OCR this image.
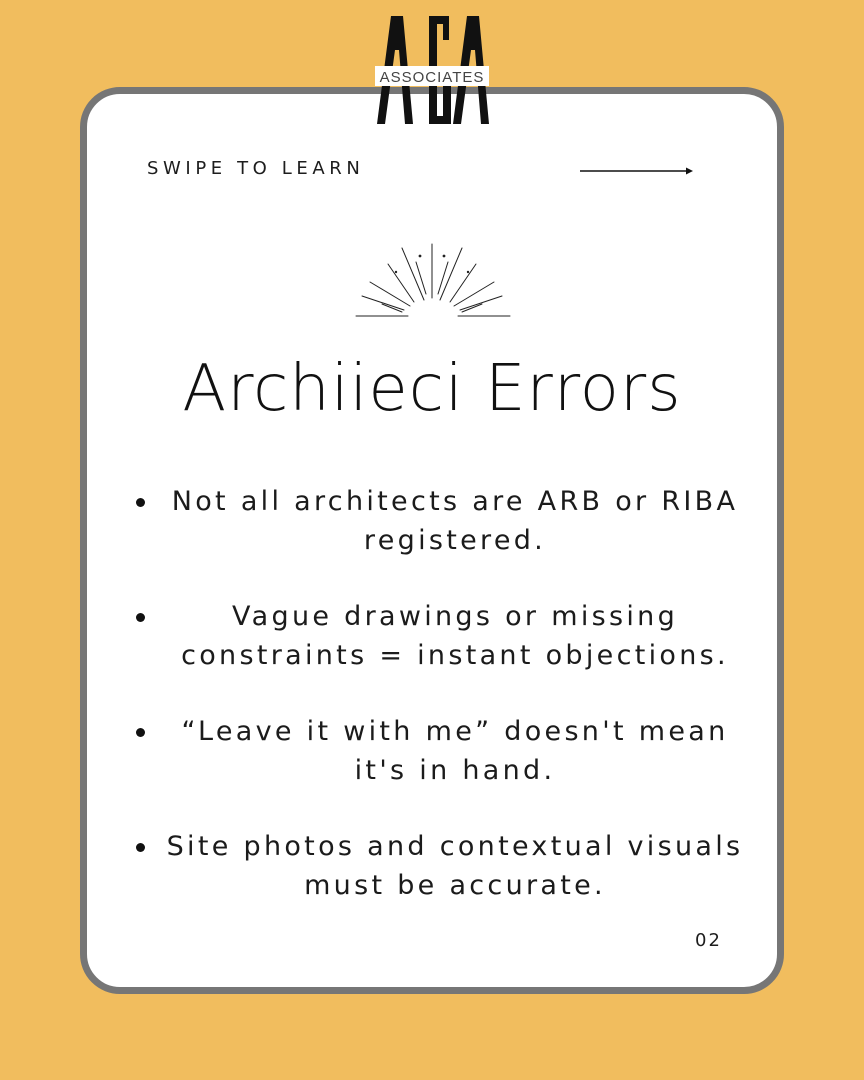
ASSOCIATES
SWIPE TO LEARN
Archiieci Errors
Not all architects are ARB or RIBA registered.
Vague drawings or missing constraints = instant objections.
“Leave it with me” doesn't mean it's in hand.
Site photos and contextual visuals must be accurate.
02
